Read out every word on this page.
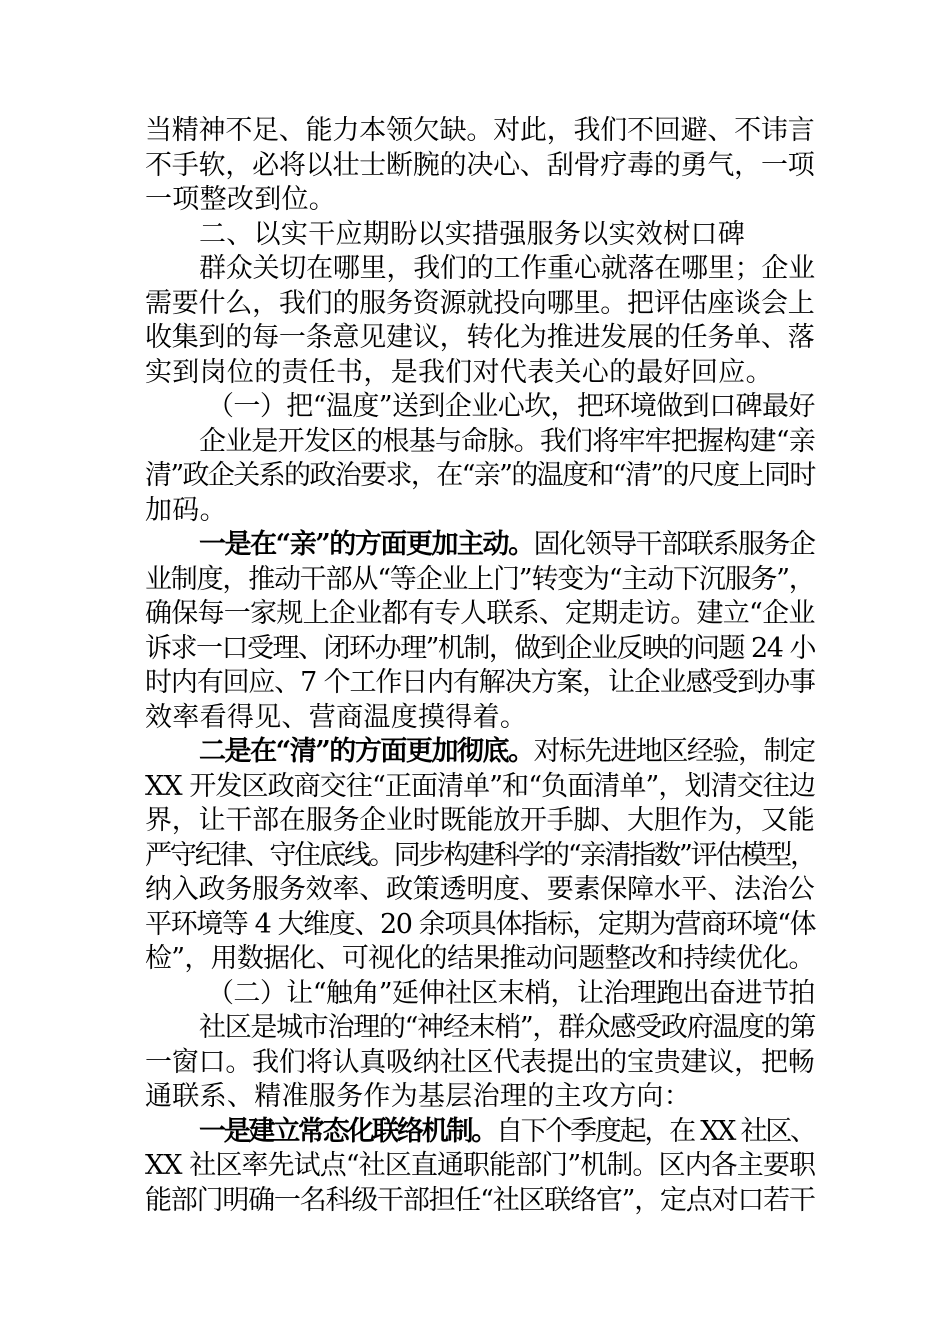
当精神不足、能力本领欠缺。对此，我们不回避、不讳言
不手软，必将以壮士断腕的决心、刮骨疗毒的勇气，一项
一项整改到位。
二、以实干应期盼以实措强服务以实效树口碑
群众关切在哪里，我们的工作重心就落在哪里；企业
需要什么，我们的服务资源就投向哪里。把评估座谈会上
收集到的每一条意见建议，转化为推进发展的任务单、落
实到岗位的责任书，是我们对代表关心的最好回应。
（一）把“温度”送到企业心坎，把环境做到口碑最好
企业是开发区的根基与命脉。我们将牢牢把握构建“亲
清”政企关系的政治要求，在“亲”的温度和“清”的尺度上同时
加码。
一是在“亲”的方面更加主动。固化领导干部联系服务企
业制度，推动干部从“等企业上门”转变为“主动下沉服务”，
确保每一家规上企业都有专人联系、定期走访。建立“企业
诉求一口受理、闭环办理”机制，做到企业反映的问题 24 小
时内有回应、7 个工作日内有解决方案，让企业感受到办事
效率看得见、营商温度摸得着。
二是在“清”的方面更加彻底。对标先进地区经验，制定
XX 开发区政商交往“正面清单”和“负面清单”，划清交往边
界，让干部在服务企业时既能放开手脚、大胆作为，又能
严守纪律、守住底线。同步构建科学的“亲清指数”评估模型，
纳入政务服务效率、政策透明度、要素保障水平、法治公
平环境等 4 大维度、20 余项具体指标，定期为营商环境“体
检”，用数据化、可视化的结果推动问题整改和持续优化。
（二）让“触角”延伸社区末梢，让治理跑出奋进节拍
社区是城市治理的“神经末梢”，群众感受政府温度的第
一窗口。我们将认真吸纳社区代表提出的宝贵建议，把畅
通联系、精准服务作为基层治理的主攻方向：
一是建立常态化联络机制。自下个季度起，在 XX 社区、
XX 社区率先试点“社区直通职能部门”机制。区内各主要职
能部门明确一名科级干部担任“社区联络官”，定点对口若干
